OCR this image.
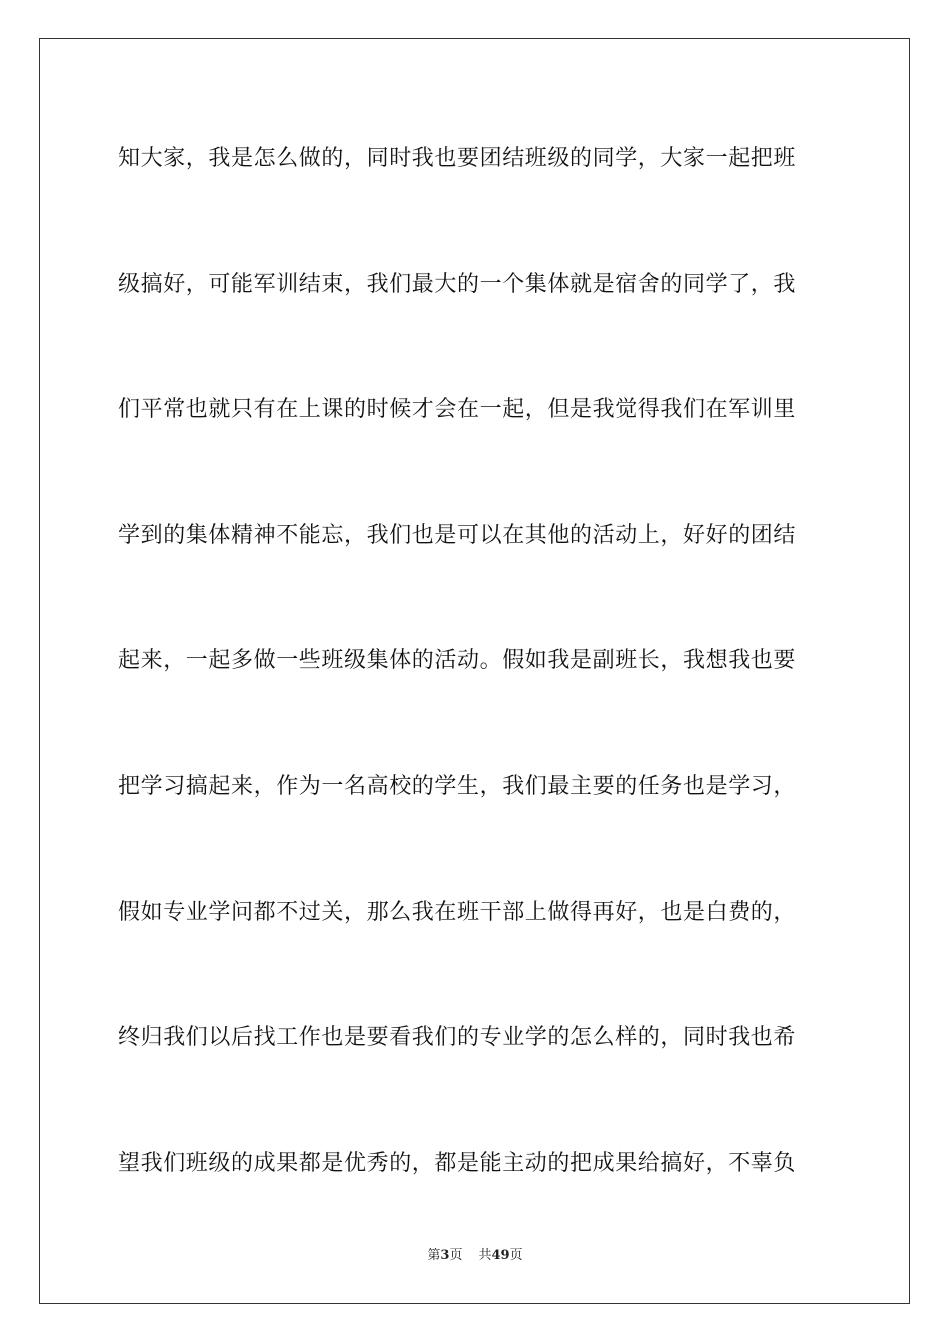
知大家，我是怎么做的，同时我也要团结班级的同学，大家一起把班
级搞好，可能军训结束，我们最大的一个集体就是宿舍的同学了，我
们平常也就只有在上课的时候才会在一起，但是我觉得我们在军训里
学到的集体精神不能忘，我们也是可以在其他的活动上，好好的团结
起来，一起多做一些班级集体的活动。假如我是副班长，我想我也要
把学习搞起来，作为一名高校的学生，我们最主要的任务也是学习，
假如专业学问都不过关，那么我在班干部上做得再好，也是白费的，
终归我们以后找工作也是要看我们的专业学的怎么样的，同时我也希
望我们班级的成果都是优秀的，都是能主动的把成果给搞好，不辜负
第3页 共49页
